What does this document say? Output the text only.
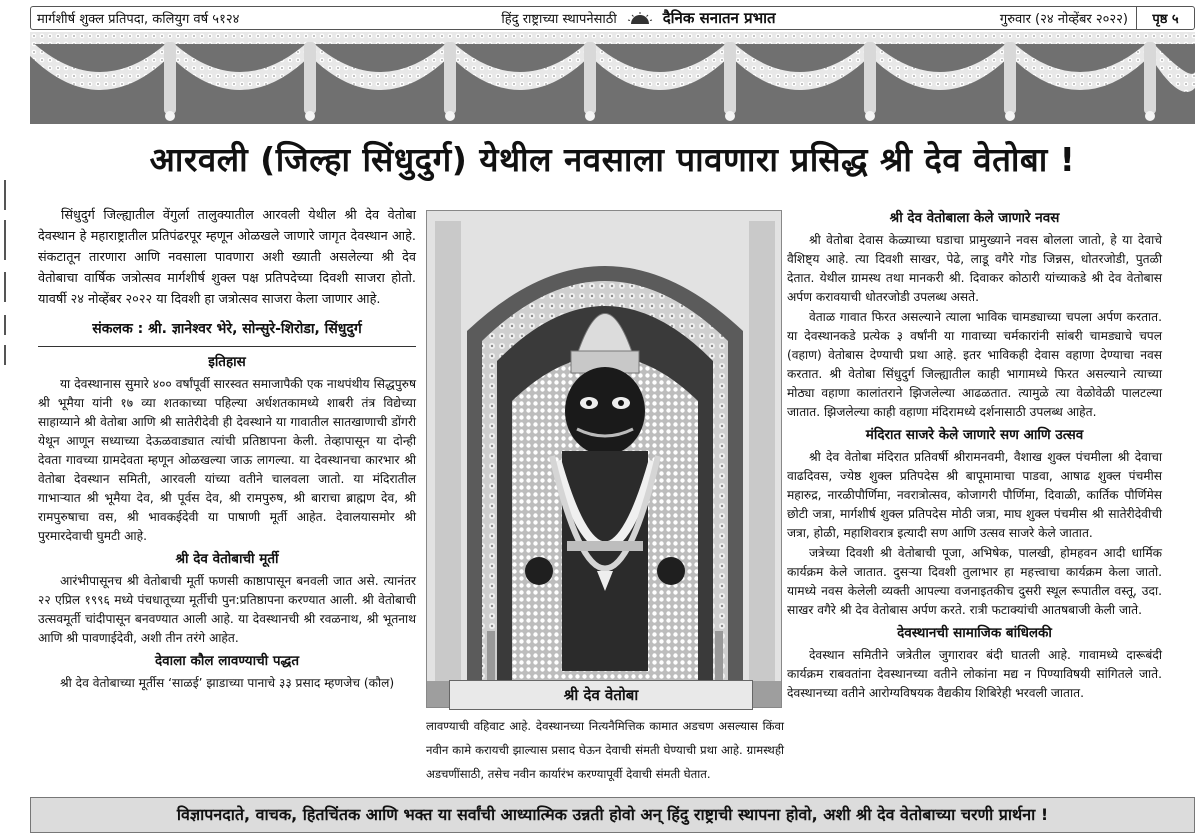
मार्गशीर्ष शुक्ल प्रतिपदा, कलियुग वर्ष ५१२४	हिंदु राष्ट्राच्या स्थापनेसाठी	दैनिक सनातन प्रभात	गुरुवार (२४ नोव्हेंबर २०२२)	पृष्ठ ५
आरवली (जिल्हा सिंधुदुर्ग) येथील नवसाला पावणारा प्रसिद्ध श्री देव वेतोबा !

सिंधुदुर्ग जिल्ह्यातील वेंगुर्ला तालुक्यातील आरवली येथील श्री देव वेतोबा देवस्थान हे महाराष्ट्रातील प्रतिपंढरपूर म्हणून ओळखले जाणारे जागृत देवस्थान आहे. संकटातून तारणारा आणि नवसाला पावणारा अशी ख्याती असलेल्या श्री देव वेतोबाचा वार्षिक जत्रोत्सव मार्गशीर्ष शुक्ल पक्ष प्रतिपदेच्या दिवशी साजरा होतो. यावर्षी २४ नोव्हेंबर २०२२ या दिवशी हा जत्रोत्सव साजरा केला जाणार आहे.

संकलक : श्री. ज्ञानेश्वर भेरे, सोन्सुरे-शिरोडा, सिंधुदुर्ग
इतिहास

या देवस्थानास सुमारे ४०० वर्षांपूर्वी सारस्वत समाजापैकी एक नाथपंथीय सिद्धपुरुष श्री भूमैया यांनी १७ व्या शतकाच्या पहिल्या अर्धशतकामध्ये शाबरी तंत्र विद्येच्या साहाय्याने श्री वेतोबा आणि श्री सातेरीदेवी ही देवस्थाने या गावातील सातखाणाची डोंगरी येथून आणून सध्याच्या देऊळवाड्यात त्यांची प्रतिष्ठापना केली. तेव्हापासून या दोन्ही देवता गावच्या ग्रामदेवता म्हणून ओळखल्या जाऊ लागल्या. या देवस्थानचा कारभार श्री वेतोबा देवस्थान समिती, आरवली यांच्या वतीने चालवला जातो. या मंदिरातील गाभाऱ्यात श्री भूमैया देव, श्री पूर्वस देव, श्री रामपुरुष, श्री बाराचा ब्राह्मण देव, श्री रामपुरुषाचा वस, श्री भावकईदेवी या पाषाणी मूर्ती आहेत. देवालयासमोर श्री पुरमारदेवाची घुमटी आहे.

श्री देव वेतोबाची मूर्ती

आरंभीपासूनच श्री वेतोबाची मूर्ती फणसी काष्ठापासून बनवली जात असे. त्यानंतर २२ एप्रिल १९९६ मध्ये पंचधातूच्या मूर्तीची पुन:प्रतिष्ठापना करण्यात आली. श्री वेतोबाची उत्सवमूर्ती चांदीपासून बनवण्यात आली आहे. या देवस्थानची श्री रवळनाथ, श्री भूतनाथ आणि श्री पावणाईदेवी, अशी तीन तरंगे आहेत.

देवाला कौल लावण्याची पद्धत

श्री देव वेतोबाच्या मूर्तीस ‘साळई’ झाडाच्या पानाचे ३३ प्रसाद म्हणजेच (कौल)

श्री देव वेतोबा
लावण्याची वहिवाट आहे. देवस्थानच्या नित्यनैमित्तिक कामात अडचण असल्यास किंवा नवीन कामे करायची झाल्यास प्रसाद घेऊन देवाची संमती घेण्याची प्रथा आहे. ग्रामस्थही अडचणींसाठी, तसेच नवीन कार्यारंभ करण्यापूर्वी देवाची संमती घेतात.
श्री देव वेतोबाला केले जाणारे नवस

श्री वेतोबा देवास केळ्याच्या घडाचा प्रामुख्याने नवस बोलला जातो, हे या देवाचे वैशिष्ट्य आहे. त्या दिवशी साखर, पेढे, लाडू वगैरे गोड जिन्नस, धोतरजोडी, पुतळी देतात. येथील ग्रामस्थ तथा मानकरी श्री. दिवाकर कोठारी यांच्याकडे श्री देव वेतोबास अर्पण करावयाची धोतरजोडी उपलब्ध असते.

वेताळ गावात फिरत असल्याने त्याला भाविक चामड्याच्या चपला अर्पण करतात. या देवस्थानकडे प्रत्येक ३ वर्षांनी या गावाच्या चर्मकारांनी सांबरी चामड्याचे चपल (वहाण) वेतोबास देण्याची प्रथा आहे. इतर भाविकही देवास वहाणा देण्याचा नवस करतात. श्री वेतोबा सिंधुदुर्ग जिल्ह्यातील काही भागामध्ये फिरत असल्याने त्याच्या मोठ्या वहाणा कालांतराने झिजलेल्या आढळतात. त्यामुळे त्या वेळोवेळी पालटल्या जातात. झिजलेल्या काही वहाणा मंदिरामध्ये दर्शनासाठी उपलब्ध आहेत.

मंदिरात साजरे केले जाणारे सण आणि उत्सव

श्री देव वेतोबा मंदिरात प्रतिवर्षी श्रीरामनवमी, वैशाख शुक्ल पंचमीला श्री देवाचा वाढदिवस, ज्येष्ठ शुक्ल प्रतिपदेस श्री बापूमामाचा पाडवा, आषाढ शुक्ल पंचमीस महारुद्र, नारळीपौर्णिमा, नवरात्रोत्सव, कोजागरी पौर्णिमा, दिवाळी, कार्तिक पौर्णिमेस छोटी जत्रा, मार्गशीर्ष शुक्ल प्रतिपदेस मोठी जत्रा, माघ शुक्ल पंचमीस श्री सातेरीदेवीची जत्रा, होळी, महाशिवरात्र इत्यादी सण आणि उत्सव साजरे केले जातात.

जत्रेच्या दिवशी श्री वेतोबाची पूजा, अभिषेक, पालखी, होमहवन आदी धार्मिक कार्यक्रम केले जातात. दुसऱ्या दिवशी तुलाभार हा महत्त्वाचा कार्यक्रम केला जातो. यामध्ये नवस केलेली व्यक्ती आपल्या वजनाइतकीच दुसरी स्थूल रूपातील वस्तू, उदा. साखर वगैरे श्री देव वेतोबास अर्पण करते. रात्री फटाक्यांची आतषबाजी केली जाते.

देवस्थानची सामाजिक बांधिलकी

देवस्थान समितीने जत्रेतील जुगारावर बंदी घातली आहे. गावामध्ये दारूबंदी कार्यक्रम राबवतांना देवस्थानच्या वतीने लोकांना मद्य न पिण्याविषयी सांगितले जाते. देवस्थानच्या वतीने आरोग्यविषयक वैद्यकीय शिबिरेही भरवली जातात.

विज्ञापनदाते, वाचक, हितचिंतक आणि भक्त या सर्वांची आध्यात्मिक उन्नती होवो अन् हिंदु राष्ट्राची स्थापना होवो, अशी श्री देव वेतोबाच्या चरणी प्रार्थना !
